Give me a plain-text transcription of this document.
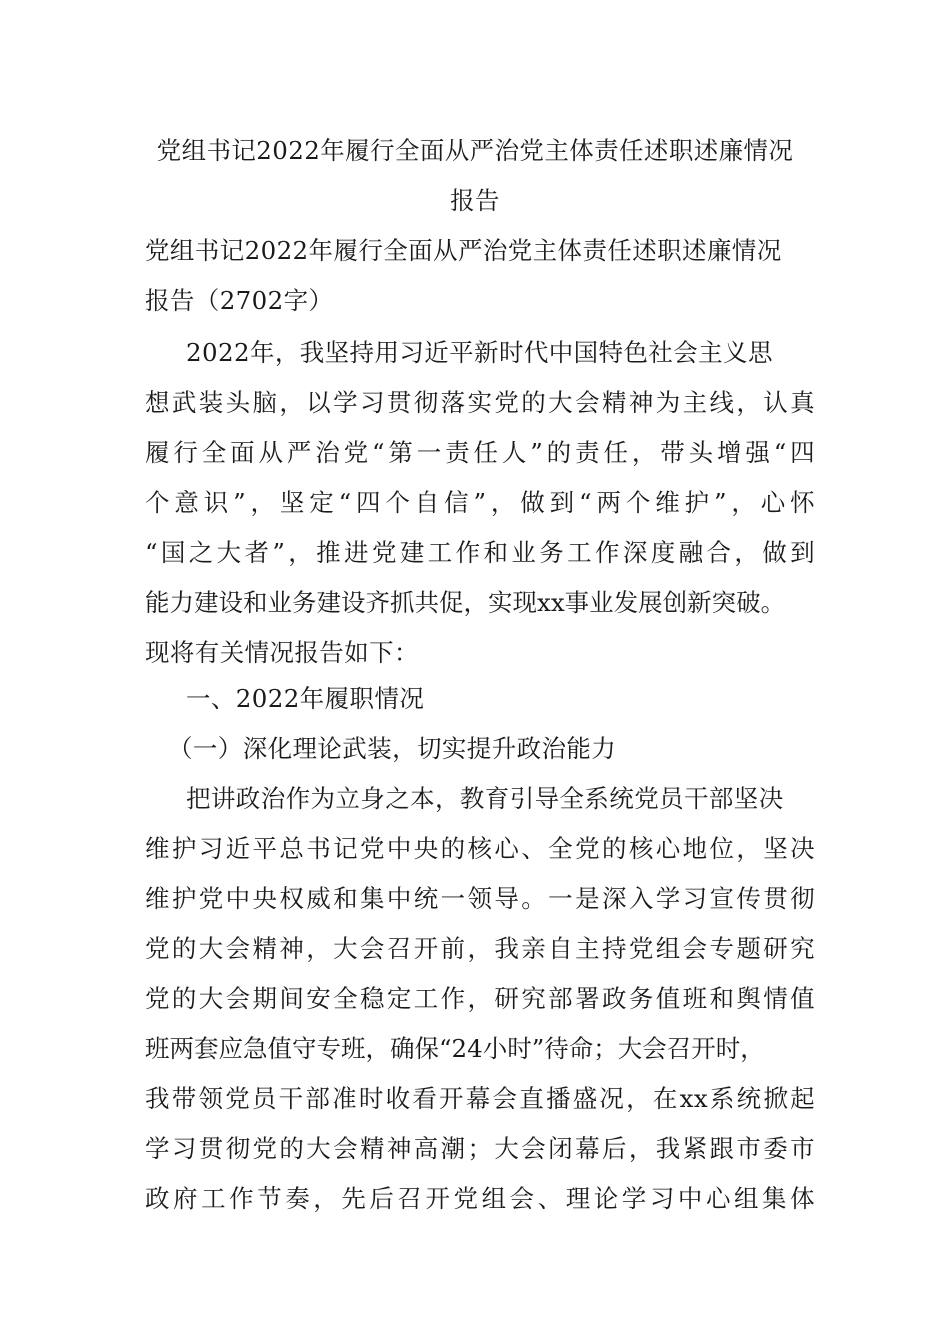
党组书记2022年履行全面从严治党主体责任述职述廉情况
报告
党组书记2022年履行全面从严治党主体责任述职述廉情况
报告（2702字）
2022年，我坚持用习近平新时代中国特色社会主义思
想武装头脑，以学习贯彻落实党的大会精神为主线，认真
履行全面从严治党“第一责任人”的责任，带头增强“四
个意识”，坚定“四个自信”，做到“两个维护”，心怀
“国之大者”，推进党建工作和业务工作深度融合，做到
能力建设和业务建设齐抓共促，实现xx事业发展创新突破。
现将有关情况报告如下：
一、2022年履职情况
（一）深化理论武装，切实提升政治能力
把讲政治作为立身之本，教育引导全系统党员干部坚决
维护习近平总书记党中央的核心、全党的核心地位，坚决
维护党中央权威和集中统一领导。一是深入学习宣传贯彻
党的大会精神，大会召开前，我亲自主持党组会专题研究
党的大会期间安全稳定工作，研究部署政务值班和舆情值
班两套应急值守专班，确保“24小时”待命；大会召开时，
我带领党员干部准时收看开幕会直播盛况，在xx系统掀起
学习贯彻党的大会精神高潮；大会闭幕后，我紧跟市委市
政府工作节奏，先后召开党组会、理论学习中心组集体
